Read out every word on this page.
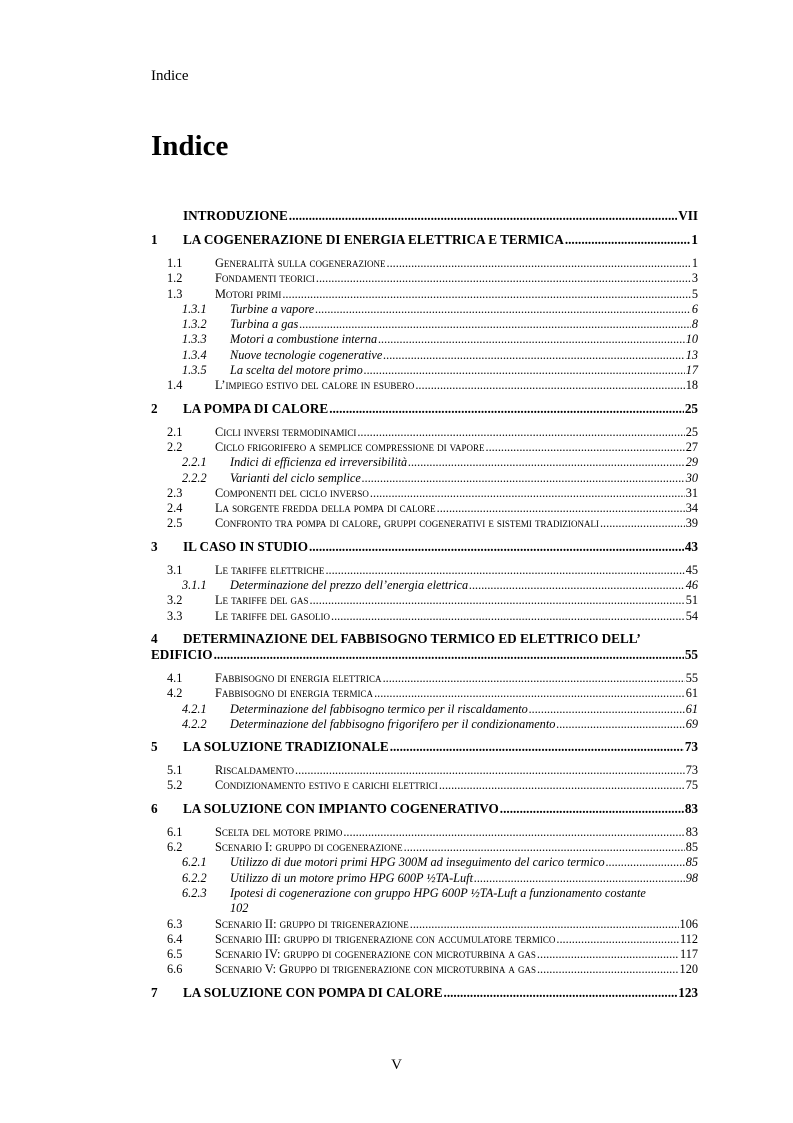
Indice
Indice
INTRODUZIONE .....	VII
1	LA COGENERAZIONE DI ENERGIA ELETTRICA E TERMICA .....	1
1.1	Generalità sulla cogenerazione .....	1
1.2	Fondamenti teorici .....	3
1.3	Motori primi .....	5
1.3.1	Turbine a vapore .....	6
1.3.2	Turbina a gas .....	8
1.3.3	Motori a combustione interna .....	10
1.3.4	Nuove tecnologie cogenerative .....	13
1.3.5	La scelta del motore primo .....	17
1.4	L’impiego estivo del calore in esubero .....	18
2	LA POMPA DI CALORE .....	25
2.1	Cicli inversi termodinamici .....	25
2.2	Ciclo frigorifero a semplice compressione di vapore .....	27
2.2.1	Indici di efficienza ed irreversibilità .....	29
2.2.2	Varianti del ciclo semplice .....	30
2.3	Componenti del ciclo inverso .....	31
2.4	La sorgente fredda della pompa di calore .....	34
2.5	Confronto tra pompa di calore, gruppi cogenerativi e sistemi tradizionali .....	39
3	IL CASO IN STUDIO .....	43
3.1	Le tariffe elettriche .....	45
3.1.1	Determinazione del prezzo dell’energia elettrica .....	46
3.2	Le tariffe del gas .....	51
3.3	Le tariffe del gasolio .....	54
4	DETERMINAZIONE DEL FABBISOGNO TERMICO ED ELETTRICO DELL’
EDIFICIO .....	55
4.1	Fabbisogno di energia elettrica .....	55
4.2	Fabbisogno di energia termica .....	61
4.2.1	Determinazione del fabbisogno termico per il riscaldamento .....	61
4.2.2	Determinazione del fabbisogno frigorifero per il condizionamento .....	69
5	LA SOLUZIONE TRADIZIONALE .....	73
5.1	Riscaldamento .....	73
5.2	Condizionamento estivo e carichi elettrici .....	75
6	LA SOLUZIONE CON IMPIANTO COGENERATIVO .....	83
6.1	Scelta del motore primo .....	83
6.2	Scenario I: gruppo di cogenerazione .....	85
6.2.1	Utilizzo di due motori primi HPG 300M ad inseguimento del carico termico .....	85
6.2.2	Utilizzo di un motore primo HPG 600P ½TA-Luft .....	98
6.2.3	Ipotesi di cogenerazione con gruppo HPG 600P ½TA-Luft a funzionamento costante
102
6.3	Scenario II: gruppo di trigenerazione .....	106
6.4	Scenario III: gruppo di trigenerazione con accumulatore termico .....	112
6.5	Scenario IV: gruppo di cogenerazione con microturbina a gas .....	117
6.6	Scenario V: Gruppo di trigenerazione con microturbina a gas .....	120
7	LA SOLUZIONE CON POMPA DI CALORE .....	123
V
